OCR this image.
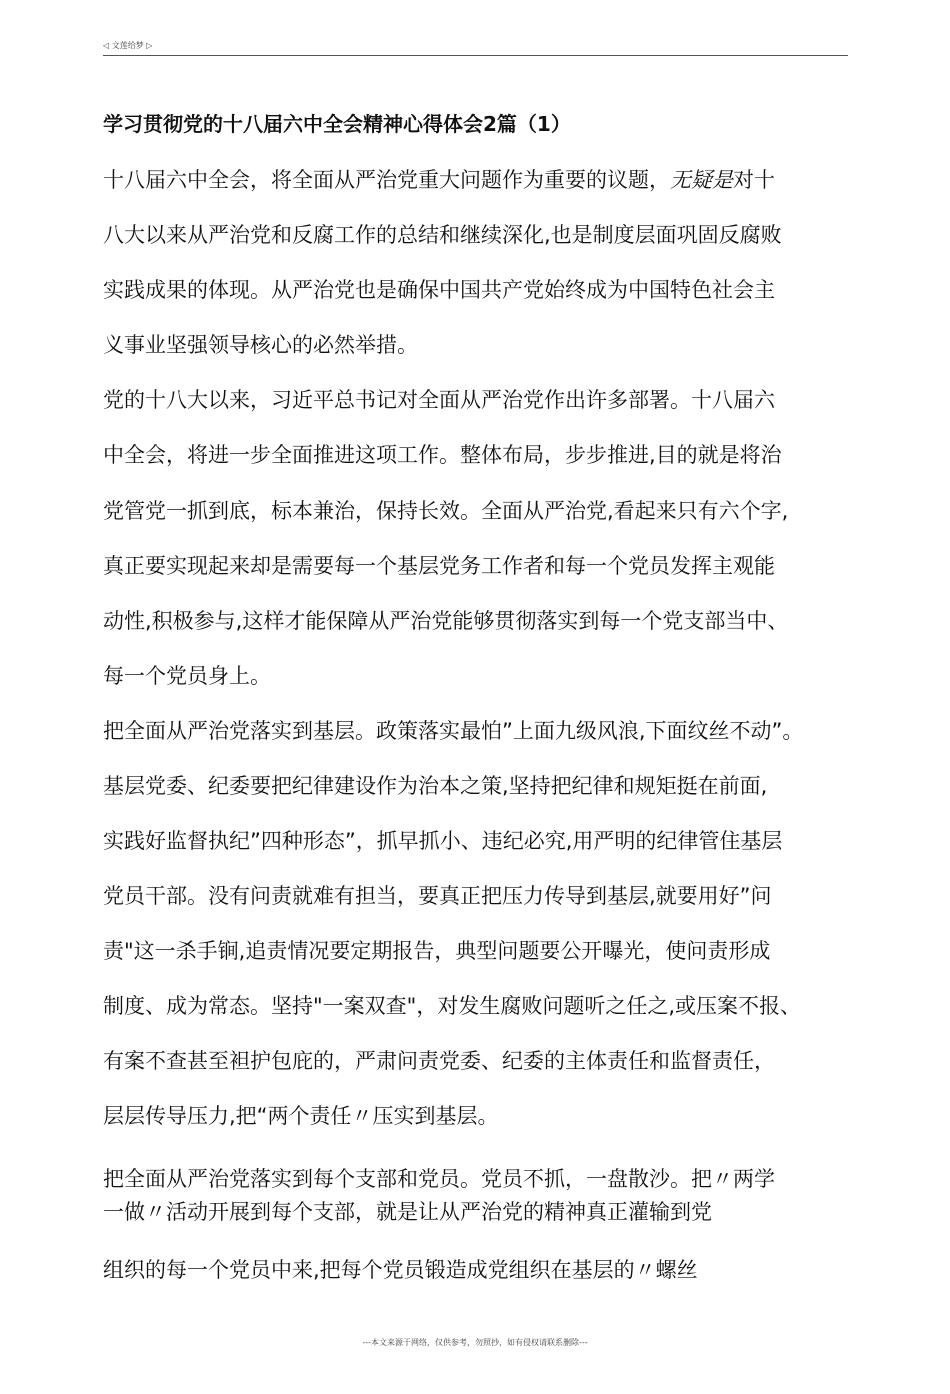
◁ 文莲给梦 ▷
学习贯彻党的十八届六中全会精神心得体会2篇（1）
十八届六中全会，将全面从严治党重大问题作为重要的议题，无疑是对十
八大以来从严治党和反腐工作的总结和继续深化,也是制度层面巩固反腐败
实践成果的体现。从严治党也是确保中国共产党始终成为中国特色社会主
义事业坚强领导核心的必然举措。
党的十八大以来，习近平总书记对全面从严治党作出许多部署。十八届六
中全会，将进一步全面推进这项工作。整体布局，步步推进,目的就是将治
党管党一抓到底，标本兼治，保持长效。全面从严治党,看起来只有六个字,
真正要实现起来却是需要每一个基层党务工作者和每一个党员发挥主观能
动性,积极参与,这样才能保障从严治党能够贯彻落实到每一个党支部当中、
每一个党员身上。
把全面从严治党落实到基层。政策落实最怕”上面九级风浪,下面纹丝不动”。
基层党委、纪委要把纪律建设作为治本之策,坚持把纪律和规矩挺在前面,
实践好监督执纪”四种形态”，抓早抓小、违纪必究,用严明的纪律管住基层
党员干部。没有问责就难有担当，要真正把压力传导到基层,就要用好”问
责"这一杀手锏,追责情况要定期报告，典型问题要公开曝光，使问责形成
制度、成为常态。坚持"一案双查"，对发生腐败问题听之任之,或压案不报、
有案不查甚至袒护包庇的，严肃问责党委、纪委的主体责任和监督责任，
层层传导压力,把“两个责任〃压实到基层。
把全面从严治党落实到每个支部和党员。党员不抓，一盘散沙。把〃两学
一做〃活动开展到每个支部，就是让从严治党的精神真正灌输到党
组织的每一个党员中来,把每个党员锻造成党组织在基层的〃螺丝
---本文来源于网络，仅供参考，勿照抄，如有侵权请联系删除---
